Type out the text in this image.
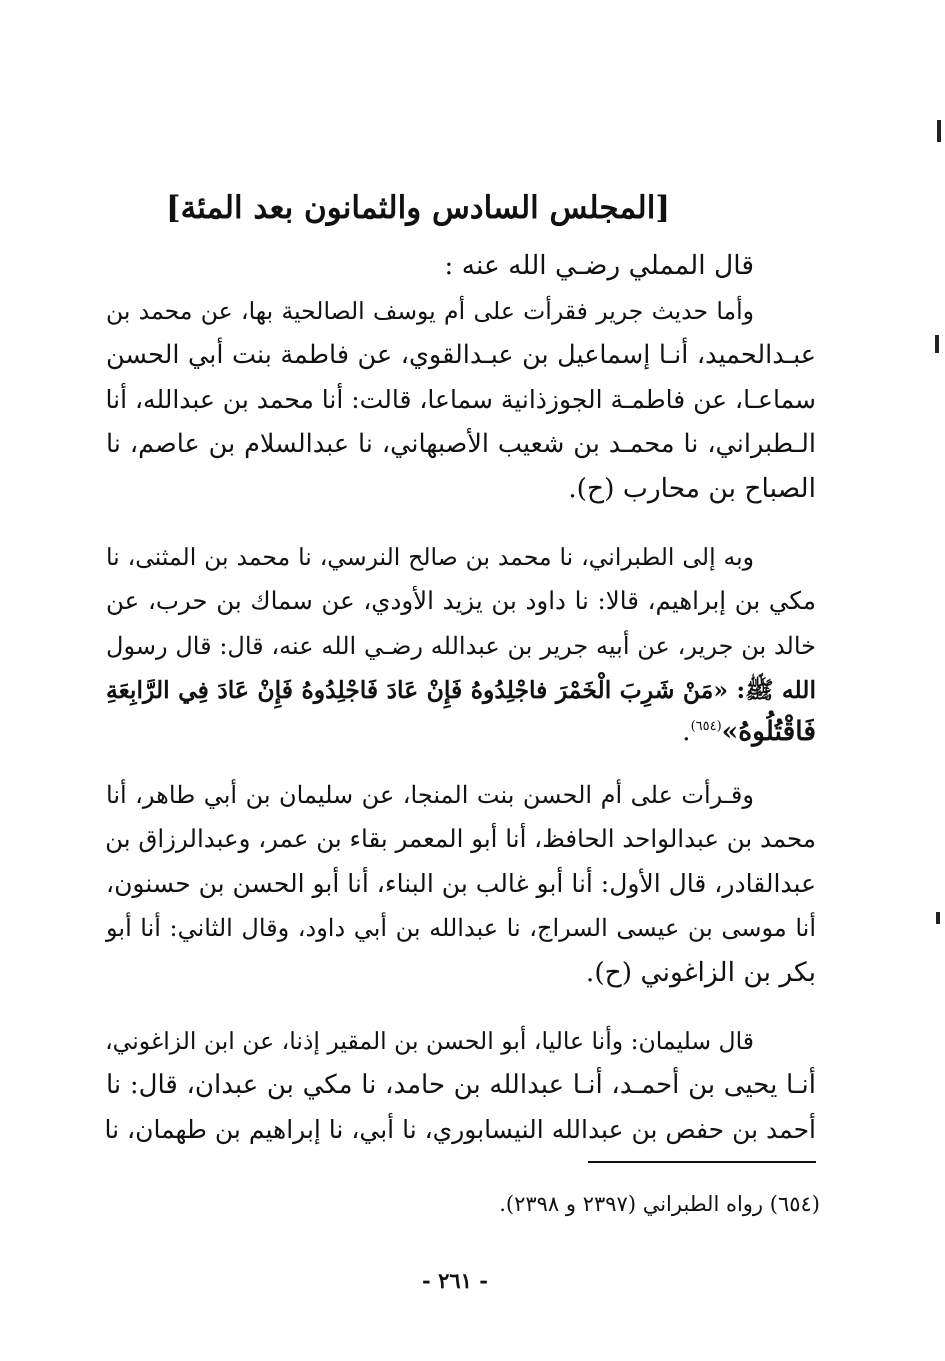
[المجلس السادس والثمانون بعد المئة]
قال المملي رضـي الله عنه :
وأما حديث جرير فقرأت على أم يوسف الصالحية بها، عن محمد بن
عبـدالحميد، أنـا إسماعيل بن عبـدالقوي، عن فاطمة بنت أبي الحسن
سماعـا، عن فاطمـة الجوزذانية سماعا، قالت: أنا محمد بن عبدالله، أنا
الـطبراني، نا محمـد بن شعيب الأصبهاني، نا عبدالسلام بن عاصم، نا
الصباح بن محارب (ح).
وبه إلى الطبراني، نا محمد بن صالح النرسي، نا محمد بن المثنى، نا
مكي بن إبراهيم، قالا: نا داود بن يزيد الأودي، عن سماك بن حرب، عن
خالد بن جرير، عن أبيه جرير بن عبدالله رضـي الله عنه، قال: قال رسول
الله ﷺ: «مَنْ شَرِبَ الْخَمْرَ فاجْلِدُوهُ فَإِنْ عَادَ فَاجْلِدُوهُ فَإِنْ عَادَ فِي الرَّابِعَةِ
فَاقْتُلُوهُ»$^{(٦٥٤)}$.
وقـرأت على أم الحسن بنت المنجا، عن سليمان بن أبي طاهر، أنا
محمد بن عبدالواحد الحافظ، أنا أبو المعمر بقاء بن عمر، وعبدالرزاق بن
عبدالقادر، قال الأول: أنا أبو غالب بن البناء، أنا أبو الحسن بن حسنون،
أنا موسى بن عيسى السراج، نا عبدالله بن أبي داود، وقال الثاني: أنا أبو
بكر بن الزاغوني (ح).
قال سليمان: وأنا عاليا، أبو الحسن بن المقير إذنا، عن ابن الزاغوني،
أنـا يحيى بن أحمـد، أنـا عبدالله بن حامد، نا مكي بن عبدان، قال: نا
أحمد بن حفص بن عبدالله النيسابوري، نا أبي، نا إبراهيم بن طهمان، نا
(٦٥٤) رواه الطبراني (٢٣٩٧ و ٢٣٩٨).
- ٢٦١ -
